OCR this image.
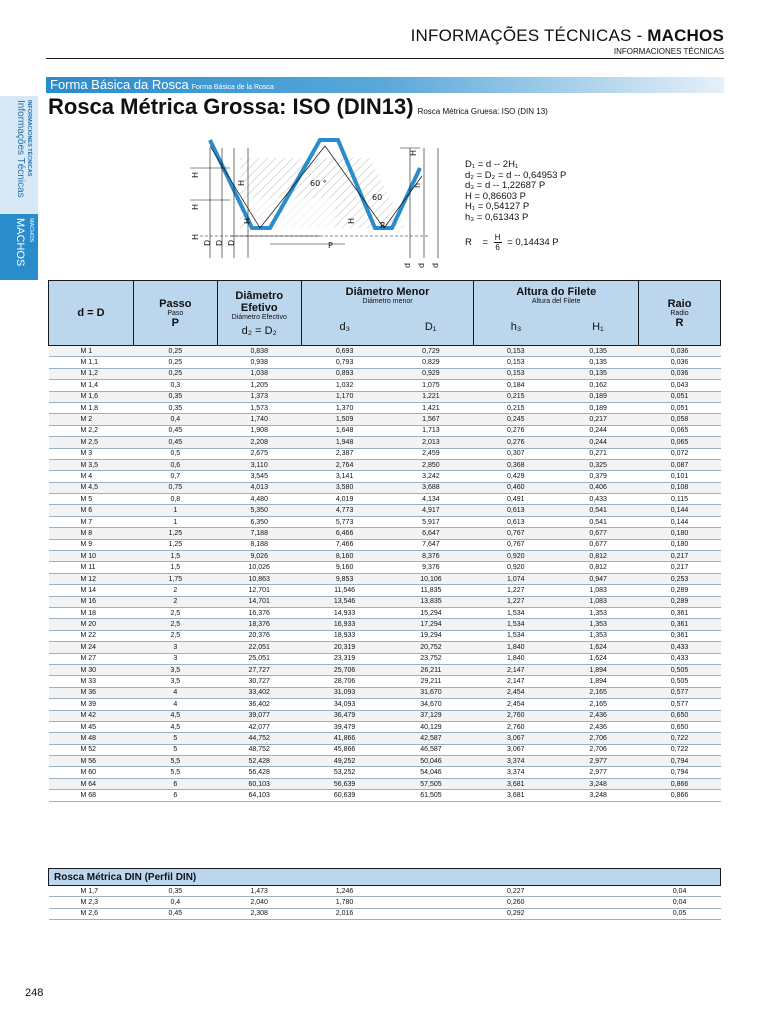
INFORMAÇÕES TÉCNICAS - MACHOS
INFORMACIONES TÉCNICAS
INFORMACIONES TÉCNICAS
Informações Técnicas
MACHOS
MACHOS
Forma Básica da Rosca Forma Básica de la Rosca
Rosca Métrica Grossa: ISO (DIN13) Rosca Métrica Gruesa: ISO (DIN 13)
60 °
60
P
R
H
H
H
D D D
H
H	H
h
H
d d d
D₁ = d -- 2H₁
d₂ = D₂ = d -- 0,64953 P
d₃ = d -- 1,22687 P
H = 0,86603 P
H₁ = 0,54127 P
h₃ = 0,61343 P
$R = \frac{H}{6} = 0,14434$ P
d = D	Passo
Paso
P	Diâmetro Efetivo
Diámetro Efectivo
d₂ = D₂	Diâmetro Menor
Diámetro menor		Altura do Filete
Altura del Filete		Raio
Radio
R

			d₃	D₁	h₃	H₁	
M 1	0,25	0,838	0,693	0,729	0,153	0,135	0,036
M 1,1	0,25	0,938	0,793	0,829	0,153	0,135	0,036
M 1,2	0,25	1,038	0,893	0,929	0,153	0,135	0,036
M 1,4	0,3	1,205	1,032	1,075	0,184	0,162	0,043
M 1,6	0,35	1,373	1,170	1,221	0,215	0,189	0,051
M 1,8	0,35	1,573	1,370	1,421	0,215	0,189	0,051
M 2	0,4	1,740	1,509	1,567	0,245	0,217	0,058
M 2,2	0,45	1,908	1,648	1,713	0,276	0,244	0,065
M 2,5	0,45	2,208	1,948	2,013	0,276	0,244	0,065
M 3	0,5	2,675	2,387	2,459	0,307	0,271	0,072
M 3,5	0,6	3,110	2,764	2,850	0,368	0,325	0,087
M 4	0,7	3,545	3,141	3,242	0,429	0,379	0,101
M 4,5	0,75	4,013	3,580	3,688	0,460	0,406	0,108
M 5	0,8	4,480	4,019	4,134	0,491	0,433	0,115
M 6	1	5,350	4,773	4,917	0,613	0,541	0,144
M 7	1	6,350	5,773	5,917	0,613	0,541	0,144
M 8	1,25	7,188	6,466	6,647	0,767	0,677	0,180
M 9	1,25	8,188	7,466	7,647	0,767	0,677	0,180
M 10	1,5	9,026	8,160	8,376	0,920	0,812	0,217
M 11	1,5	10,026	9,160	9,376	0,920	0,812	0,217
M 12	1,75	10,863	9,853	10,106	1,074	0,947	0,253
M 14	2	12,701	11,546	11,835	1,227	1,083	0,289
M 16	2	14,701	13,546	13,835	1,227	1,083	0,289
M 18	2,5	16,376	14,933	15,294	1,534	1,353	0,361
M 20	2,5	18,376	16,933	17,294	1,534	1,353	0,361
M 22	2,5	20,376	18,933	19,294	1,534	1,353	0,361
M 24	3	22,051	20,319	20,752	1,840	1,624	0,433
M 27	3	25,051	23,319	23,752	1,840	1,624	0,433
M 30	3,5	27,727	25,706	26,211	2,147	1,894	0,505
M 33	3,5	30,727	28,706	29,211	2,147	1,894	0,505
M 36	4	33,402	31,093	31,670	2,454	2,165	0,577
M 39	4	36,402	34,093	34,670	2,454	2,165	0,577
M 42	4,5	39,077	36,479	37,129	2,760	2,436	0,650
M 45	4,5	42,077	39,479	40,129	2,760	2,436	0,650
M 48	5	44,752	41,866	42,587	3,067	2,706	0,722
M 52	5	48,752	45,866	46,587	3,067	2,706	0,722
M 56	5,5	52,428	49,252	50,046	3,374	2,977	0,794
M 60	5,5	56,428	53,252	54,046	3,374	2,977	0,794
M 64	6	60,103	56,639	57,505	3,681	3,248	0,866
M 68	6	64,103	60,639	61,505	3,681	3,248	0,866
Rosca Métrica DIN (Perfil DIN)							
M 1,7	0,35	1,473	1,246		0,227		0,04
M 2,3	0,4	2,040	1,780		0,260		0,04
M 2,6	0,45	2,308	2,016		0,292		0,05
248
